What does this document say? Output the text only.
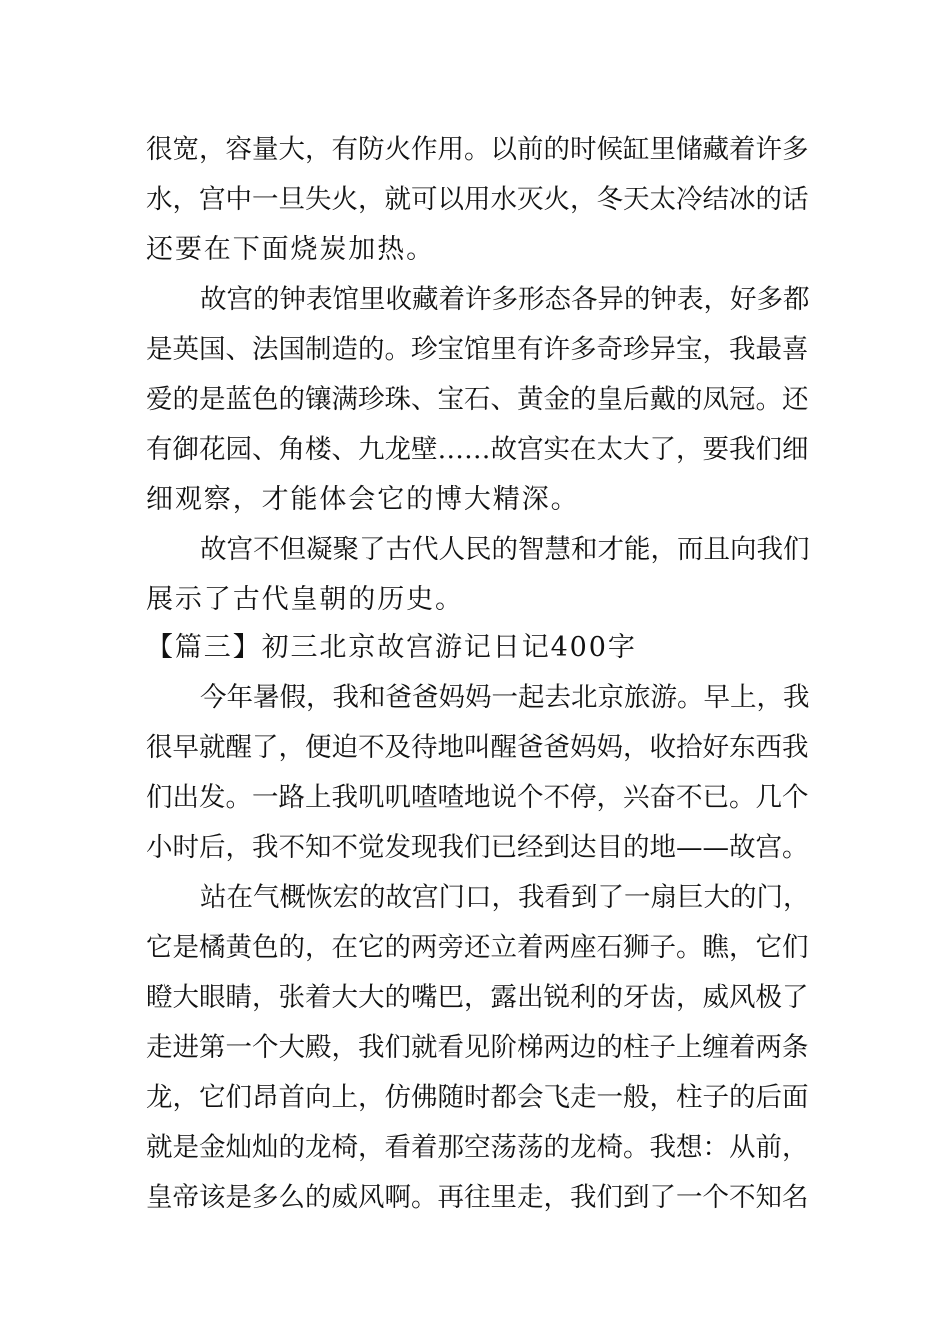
很宽，容量大，有防火作用。以前的时候缸里储藏着许多
水，宫中一旦失火，就可以用水灭火，冬天太冷结冰的话
还要在下面烧炭加热。
故宫的钟表馆里收藏着许多形态各异的钟表，好多都
是英国、法国制造的。珍宝馆里有许多奇珍异宝，我最喜
爱的是蓝色的镶满珍珠、宝石、黄金的皇后戴的凤冠。还
有御花园、角楼、九龙壁……故宫实在太大了，要我们细
细观察，才能体会它的博大精深。
故宫不但凝聚了古代人民的智慧和才能，而且向我们
展示了古代皇朝的历史。
【篇三】初三北京故宫游记日记400字
今年暑假，我和爸爸妈妈一起去北京旅游。早上，我
很早就醒了，便迫不及待地叫醒爸爸妈妈，收拾好东西我
们出发。一路上我叽叽喳喳地说个不停，兴奋不已。几个
小时后，我不知不觉发现我们已经到达目的地——故宫。
站在气概恢宏的故宫门口，我看到了一扇巨大的门，
它是橘黄色的，在它的两旁还立着两座石狮子。瞧，它们
瞪大眼睛，张着大大的嘴巴，露出锐利的牙齿，威风极了
走进第一个大殿，我们就看见阶梯两边的柱子上缠着两条
龙，它们昂首向上，仿佛随时都会飞走一般，柱子的后面
就是金灿灿的龙椅，看着那空荡荡的龙椅。我想：从前，
皇帝该是多么的威风啊。再往里走，我们到了一个不知名
